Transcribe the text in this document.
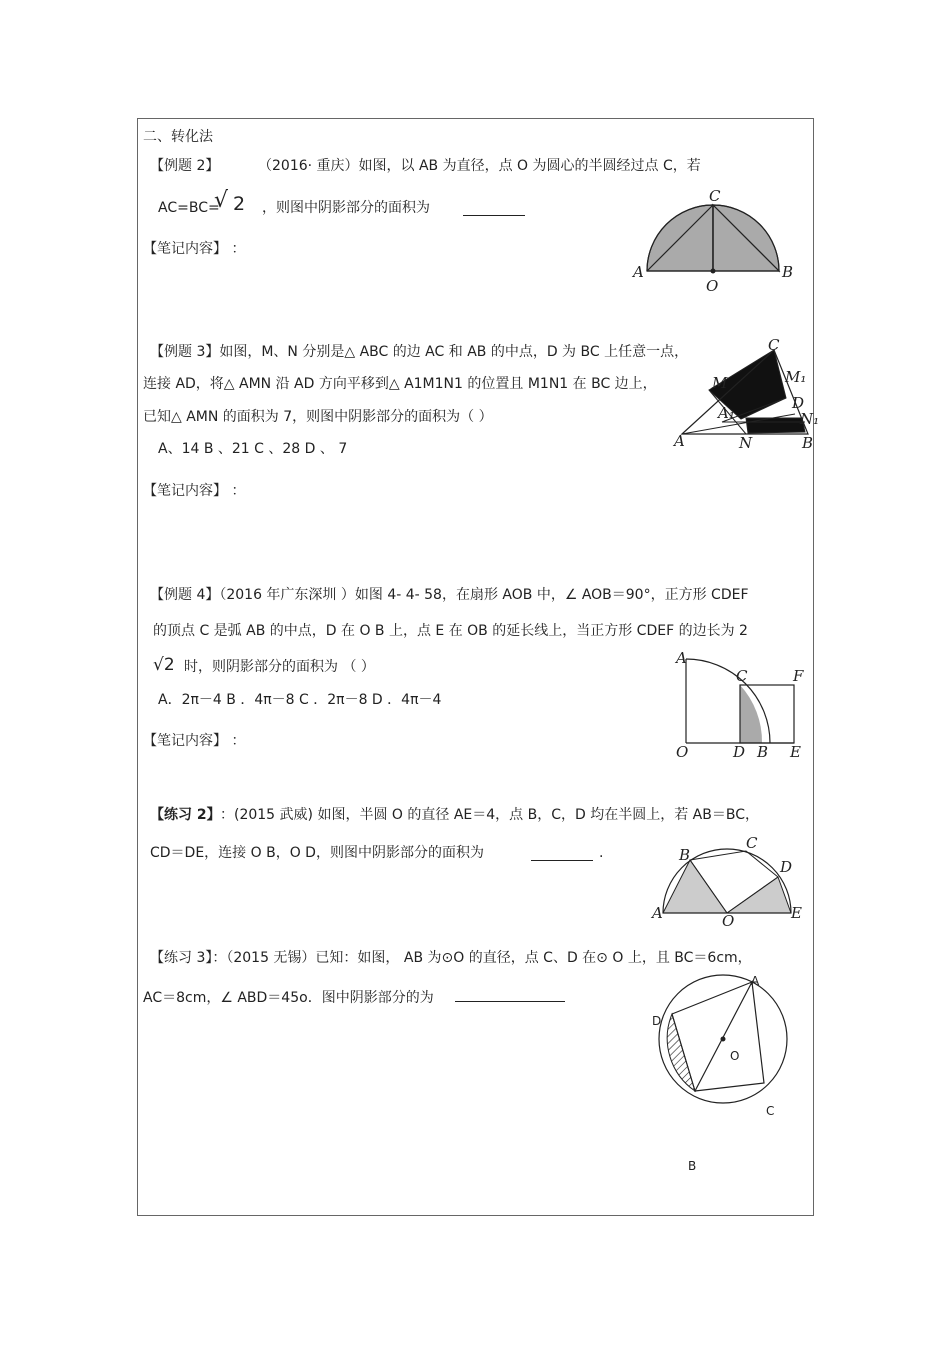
二、转化法
【例题 2】	（2016· 重庆）如图，以 AB 为直径，点 O 为圆心的半圆经过点 C，若
AC=BC=
√ 2 ，则图中阴影部分的面积为
【笔记内容】 ：
A	B
C
O
【例题 3】如图，M、N 分别是△ ABC 的边 AC 和 AB 的中点，D 为 BC 上任意一点，
连接 AD，将△ AMN 沿 AD 方向平移到△ A1M1N1 的位置且 M1N1 在 BC 边上，
已知△ AMN 的面积为 7，则图中阴影部分的面积为（ ）
A、14 B 、21 C 、28 D 、 7
【笔记内容】 ：
A	B
C
M
N
D
A₁
M₁
N₁
【例题 4】（2016 年广东深圳 ）如图 4- 4- 58，在扇形 AOB 中，∠ AOB＝90°，正方形 CDEF
的顶点 C 是弧 AB 的中点，D 在 O B 上，点 E 在 OB 的延长线上，当正方形 CDEF 的边长为 2
√2 时，则阴影部分的面积为 （ ）
A．2π－4 B ．4π－8 C ．2π－8 D ．4π－4
【笔记内容】 ：
A
C	F
O	D B E
【练习 2】 ：(2015 武威) 如图，半圆 O 的直径 AE＝4，点 B，C，D 均在半圆上，若 AB＝BC，
CD＝DE，连接 O B，O D，则图中阴影部分的面积为	.
A
B
C
D
E
O
【练习 3】：（2015 无锡）已知：如图， AB 为⊙O 的直径，点 C、D 在⊙ O 上，且 BC＝6cm，
AC＝8cm，∠ ABD＝45o．图中阴影部分的为
A
D
O
C
B
